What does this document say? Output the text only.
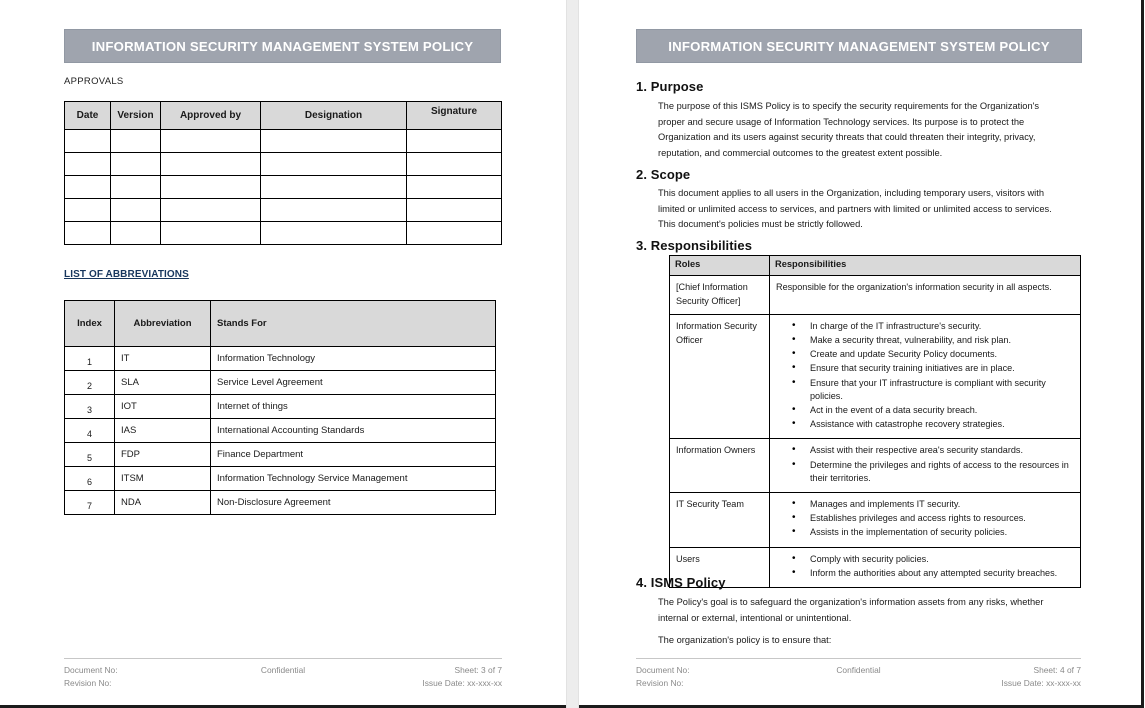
INFORMATION SECURITY MANAGEMENT SYSTEM POLICY
APPROVALS
Date	Version	Approved by	Designation	Signature

LIST OF ABBREVIATIONS
Index	Abbreviation	Stands For
1	IT	Information Technology
2	SLA	Service Level Agreement
3	IOT	Internet of things
4	IAS	International Accounting Standards
5	FDP	Finance Department
6	ITSM	Information Technology Service Management
7	NDA	Non-Disclosure Agreement
Document No:	Confidential	Sheet: 3 of 7
Revision No:	Issue Date: xx-xxx-xx
INFORMATION SECURITY MANAGEMENT SYSTEM POLICY
1. Purpose
The purpose of this ISMS Policy is to specify the security requirements for the Organization's proper and secure usage of Information Technology services. Its purpose is to protect the Organization and its users against security threats that could threaten their integrity, privacy, reputation, and commercial outcomes to the greatest extent possible.
2. Scope
This document applies to all users in the Organization, including temporary users, visitors with limited or unlimited access to services, and partners with limited or unlimited access to services. This document's policies must be strictly followed.
3. Responsibilities
Roles	Responsibilities
[Chief Information Security Officer]	Responsible for the organization's information security in all aspects.
Information Security Officer	
• In charge of the IT infrastructure's security.
• Make a security threat, vulnerability, and risk plan.
• Create and update Security Policy documents.
• Ensure that security training initiatives are in place.
• Ensure that your IT infrastructure is compliant with security policies.
• Act in the event of a data security breach.
• Assistance with catastrophe recovery strategies.

Information Owners	
•Assist with their respective area's security standards.
• Determine the privileges and rights of access to the resources in their territories.

IT Security Team	
•Manages and implements IT security.
• Establishes privileges and access rights to resources.
• Assists in the implementation of security policies.

Users	
•Comply with security policies.
• Inform the authorities about any attempted security breaches.
4. ISMS Policy
The Policy's goal is to safeguard the organization's information assets from any risks, whether internal or external, intentional or unintentional.
The organization's policy is to ensure that:
Document No:	Confidential	Sheet: 4 of 7
Revision No:	Issue Date: xx-xxx-xx
